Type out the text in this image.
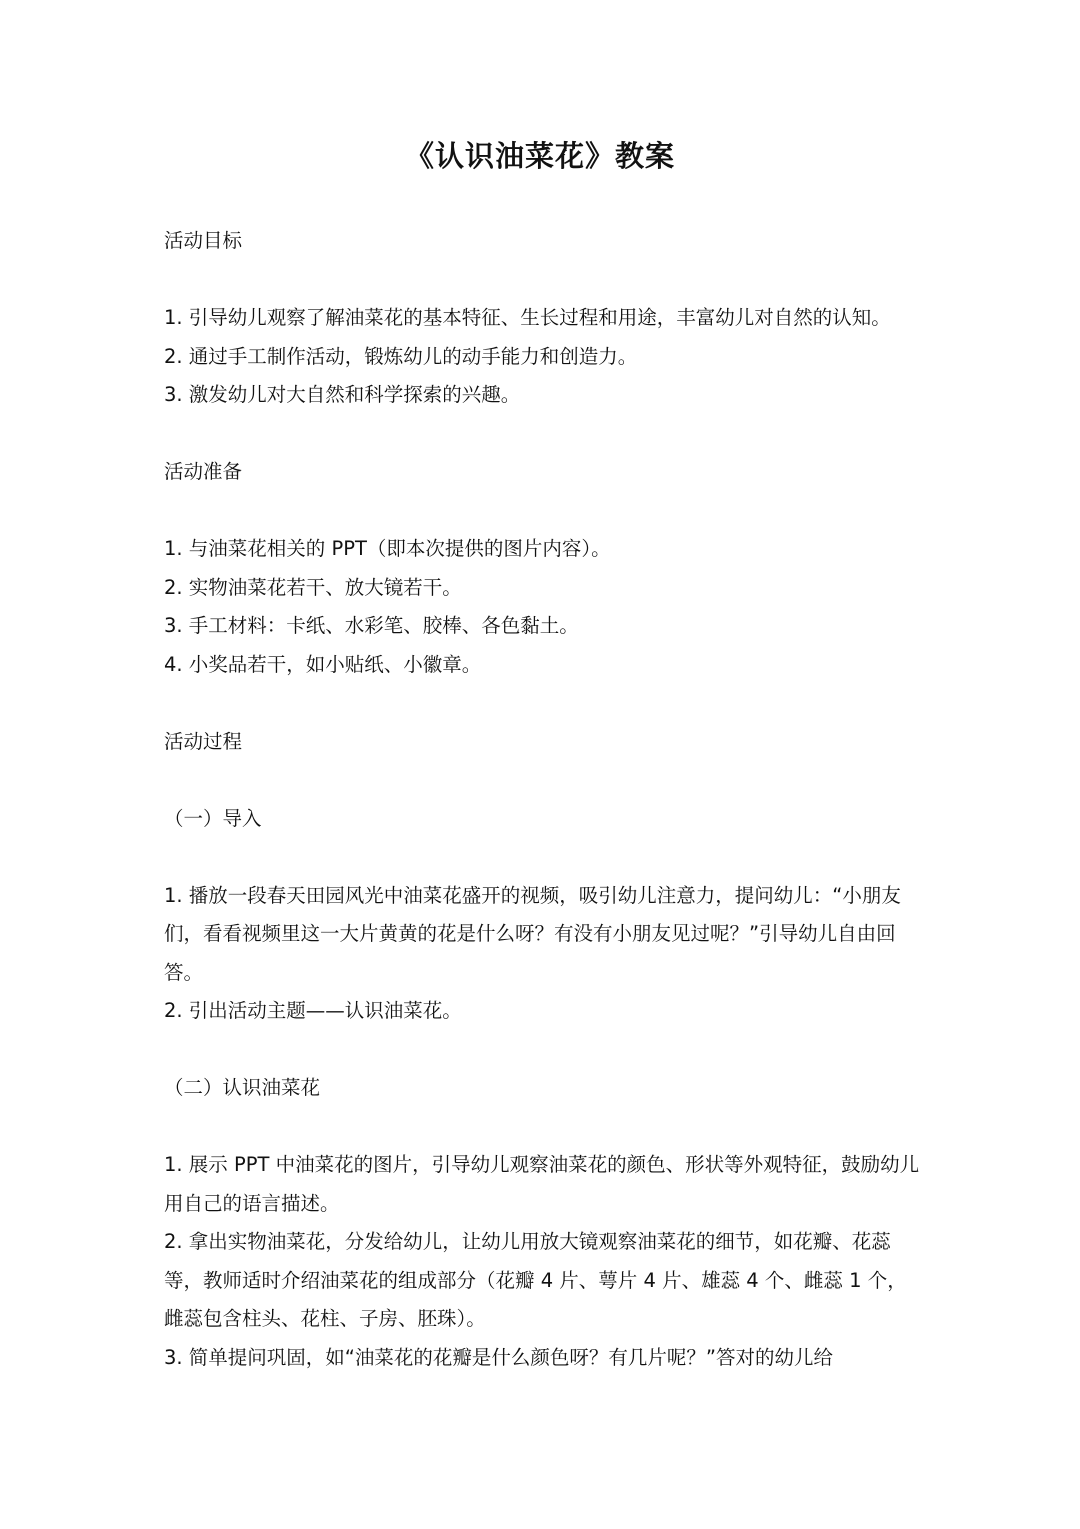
《认识油菜花》教案
活动目标

1. 引导幼儿观察了解油菜花的基本特征、生长过程和用途，丰富幼儿对自然的认知。

2. 通过手工制作活动，锻炼幼儿的动手能力和创造力。

3. 激发幼儿对大自然和科学探索的兴趣。

活动准备

1. 与油菜花相关的 PPT（即本次提供的图片内容）。

2. 实物油菜花若干、放大镜若干。

3. 手工材料：卡纸、水彩笔、胶棒、各色黏土。

4. 小奖品若干，如小贴纸、小徽章。

活动过程
（一）导入

1. 播放一段春天田园风光中油菜花盛开的视频，吸引幼儿注意力，提问幼儿：“小朋友们，看看视频里这一大片黄黄的花是什么呀？有没有小朋友见过呢？”引导幼儿自由回答。

2. 引出活动主题——认识油菜花。

（二）认识油菜花

1. 展示 PPT 中油菜花的图片，引导幼儿观察油菜花的颜色、形状等外观特征，鼓励幼儿用自己的语言描述。

2. 拿出实物油菜花，分发给幼儿，让幼儿用放大镜观察油菜花的细节，如花瓣、花蕊等，教师适时介绍油菜花的组成部分（花瓣 4 片、萼片 4 片、雄蕊 4 个、雌蕊 1 个，雌蕊包含柱头、花柱、子房、胚珠）。

3. 简单提问巩固，如“油菜花的花瓣是什么颜色呀？有几片呢？”答对的幼儿给
